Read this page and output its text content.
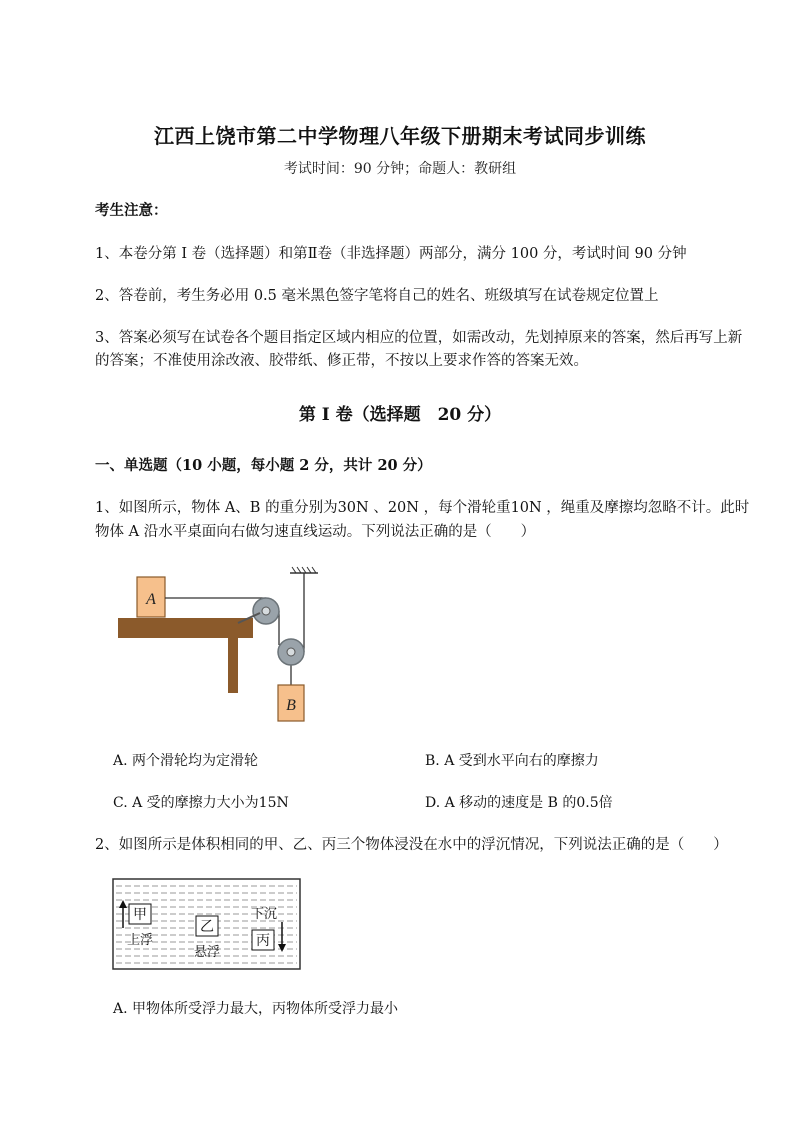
江西上饶市第二中学物理八年级下册期末考试同步训练
考试时间：90 分钟；命题人：教研组
考生注意：
1、本卷分第 I 卷（选择题）和第Ⅱ卷（非选择题）两部分，满分 100 分，考试时间 90 分钟
2、答卷前，考生务必用 0.5 毫米黑色签字笔将自己的姓名、班级填写在试卷规定位置上
3、答案必须写在试卷各个题目指定区域内相应的位置，如需改动，先划掉原来的答案，然后再写上新的答案；不准使用涂改液、胶带纸、修正带，不按以上要求作答的答案无效。
第 I 卷（选择题　20 分）
一、单选题（10 小题，每小题 2 分，共计 20 分）
1、如图所示，物体 A、B 的重分别为30N 、20N ，每个滑轮重10N ，绳重及摩擦均忽略不计。此时物体 A 沿水平桌面向右做匀速直线运动。下列说法正确的是（　　）
A
B
A. 两个滑轮均为定滑轮	B. A 受到水平向右的摩擦力
C. A 受的摩擦力大小为15N	D. A 移动的速度是 B 的0.5倍
2、如图所示是体积相同的甲、乙、丙三个物体浸没在水中的浮沉情况，下列说法正确的是（　　）
甲
上浮
乙
悬浮
下沉
丙
A. 甲物体所受浮力最大，丙物体所受浮力最小
